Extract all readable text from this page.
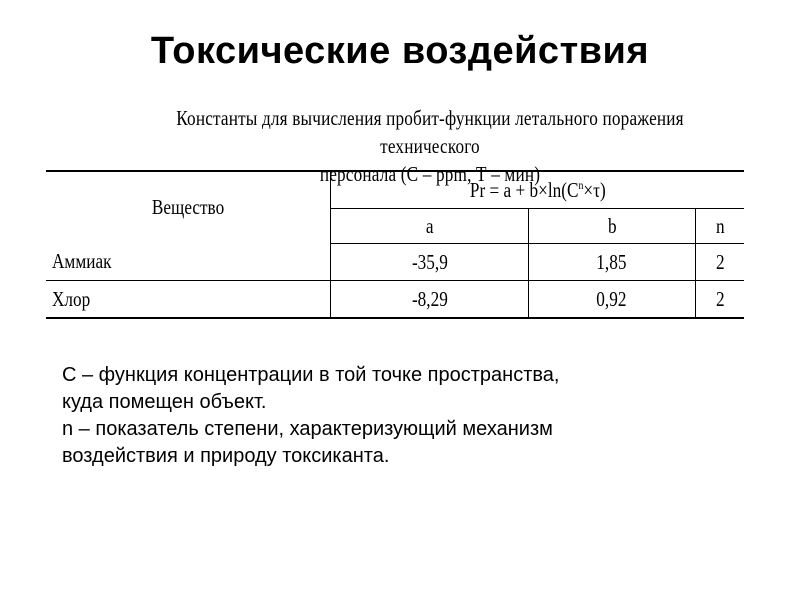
Токсические воздействия
Константы для вычисления пробит-функции летального поражения технического
персонала (С – ppm, Т – мин)
Вещество	$Pr = a + b\times\ln(C^n\times\tau)$		
	a	b	n
Аммиак	-35,9	1,85	2
Хлор	-8,29	0,92	2

С – функция концентрации в той точке пространства,

куда помещен объект.

n – показатель степени, характеризующий механизм

воздействия и природу токсиканта.
